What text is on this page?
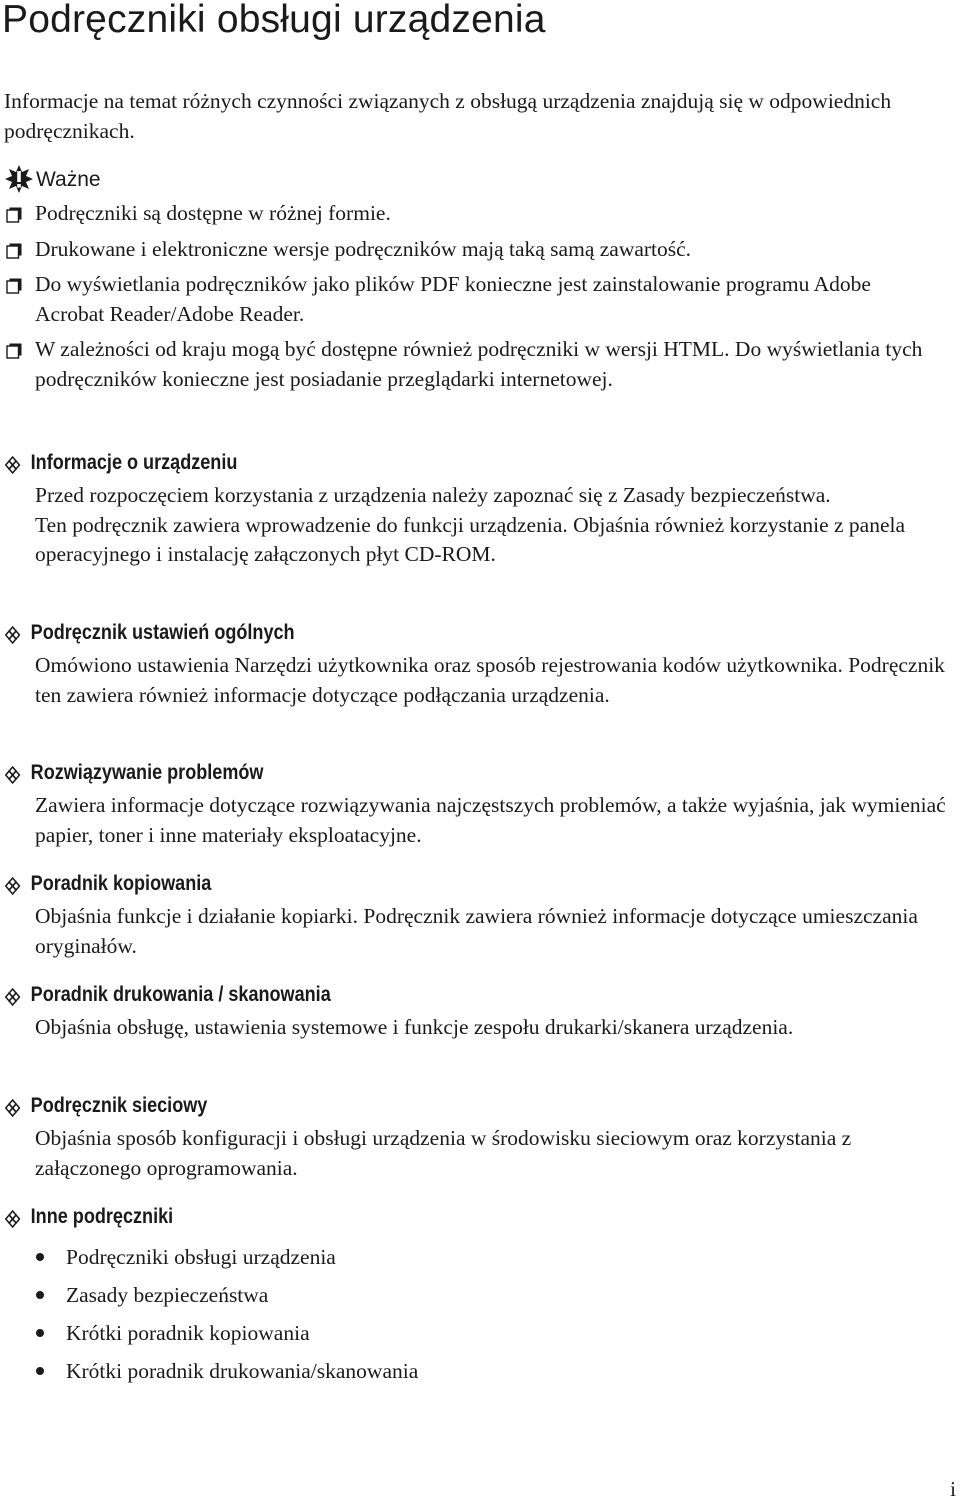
Podręczniki obsługi urządzenia

Informacje na temat różnych czynności związanych z obsługą urządzenia znajdują się w odpowiednich podręcznikach.

Ważne
Podręczniki są dostępne w różnej formie.
Drukowane i elektroniczne wersje podręczników mają taką samą zawartość.
Do wyświetlania podręczników jako plików PDF konieczne jest zainstalowanie programu Adobe Acrobat Reader/Adobe Reader.
W zależności od kraju mogą być dostępne również podręczniki w wersji HTML. Do wyświetlania tych podręczników konieczne jest posiadanie przeglądarki internetowej.
Informacje o urządzeniu

Przed rozpoczęciem korzystania z urządzenia należy zapoznać się z Zasady bezpieczeństwa.

Ten podręcznik zawiera wprowadzenie do funkcji urządzenia. Objaśnia również korzystanie z panela operacyjnego i instalację załączonych płyt CD-ROM.

Podręcznik ustawień ogólnych

Omówiono ustawienia Narzędzi użytkownika oraz sposób rejestrowania kodów użytkownika. Podręcznik ten zawiera również informacje dotyczące podłączania urządzenia.

Rozwiązywanie problemów

Zawiera informacje dotyczące rozwiązywania najczęstszych problemów, a także wyjaśnia, jak wymieniać papier, toner i inne materiały eksploatacyjne.

Poradnik kopiowania

Objaśnia funkcje i działanie kopiarki. Podręcznik zawiera również informacje dotyczące umieszczania oryginałów.

Poradnik drukowania / skanowania

Objaśnia obsługę, ustawienia systemowe i funkcje zespołu drukarki/skanera urządzenia.

Podręcznik sieciowy

Objaśnia sposób konfiguracji i obsługi urządzenia w środowisku sieciowym oraz korzystania z załączonego oprogramowania.

Inne podręczniki
Podręczniki obsługi urządzenia
Zasady bezpieczeństwa
Krótki poradnik kopiowania
Krótki poradnik drukowania/skanowania
i
